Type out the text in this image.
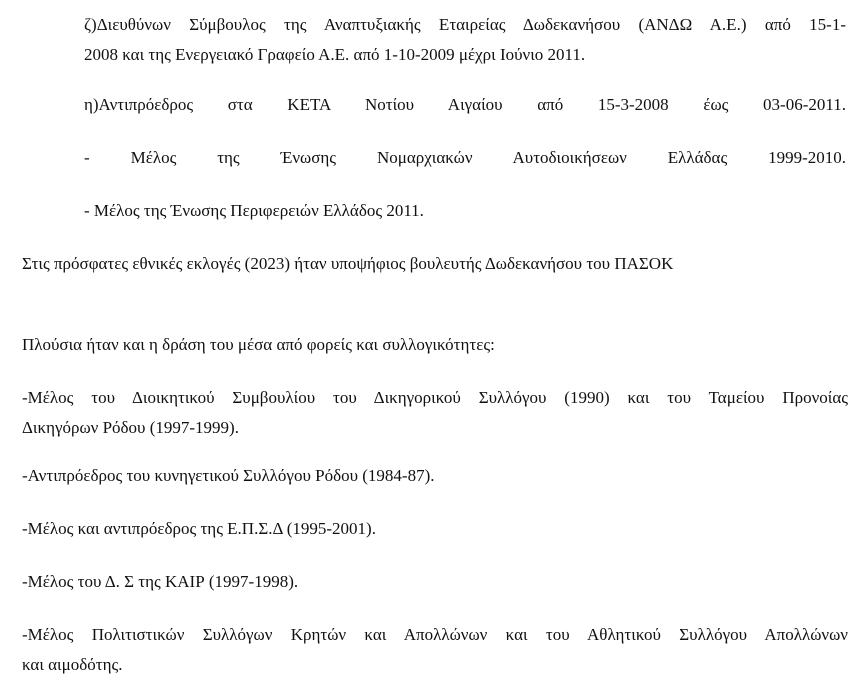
ζ)Διευθύνων Σύμβουλος της Αναπτυξιακής Εταιρείας Δωδεκανήσου (ΑΝΔΩ Α.Ε.) από 15-1-
2008 και της Ενεργειακό Γραφείο Α.Ε. από 1-10-2009 μέχρι Ιούνιο 2011.

η)Αντιπρόεδρος στα ΚΕΤΑ Νοτίου Αιγαίου από 15-3-2008 έως 03-06-2011.

- Μέλος της Ένωσης Νομαρχιακών Αυτοδιοικήσεων Ελλάδας 1999-2010.

- Μέλος της Ένωσης Περιφερειών Ελλάδος 2011.

Στις πρόσφατες εθνικές εκλογές (2023) ήταν υποψήφιος βουλευτής Δωδεκανήσου του ΠΑΣΟΚ

Πλούσια ήταν και η δράση του μέσα από φορείς και συλλογικότητες:

-Μέλος του Διοικητικού Συμβουλίου του Δικηγορικού Συλλόγου (1990) και του Ταμείου Προνοίας
Δικηγόρων Ρόδου (1997-1999).

-Αντιπρόεδρος του κυνηγετικού Συλλόγου Ρόδου (1984-87).

-Μέλος και αντιπρόεδρος της Ε.Π.Σ.Δ (1995-2001).

-Μέλος του Δ. Σ της ΚΑΙΡ (1997-1998).

-Μέλος Πολιτιστικών Συλλόγων Κρητών και Απολλώνων και του Αθλητικού Συλλόγου Απολλώνων
και αιμοδότης.
